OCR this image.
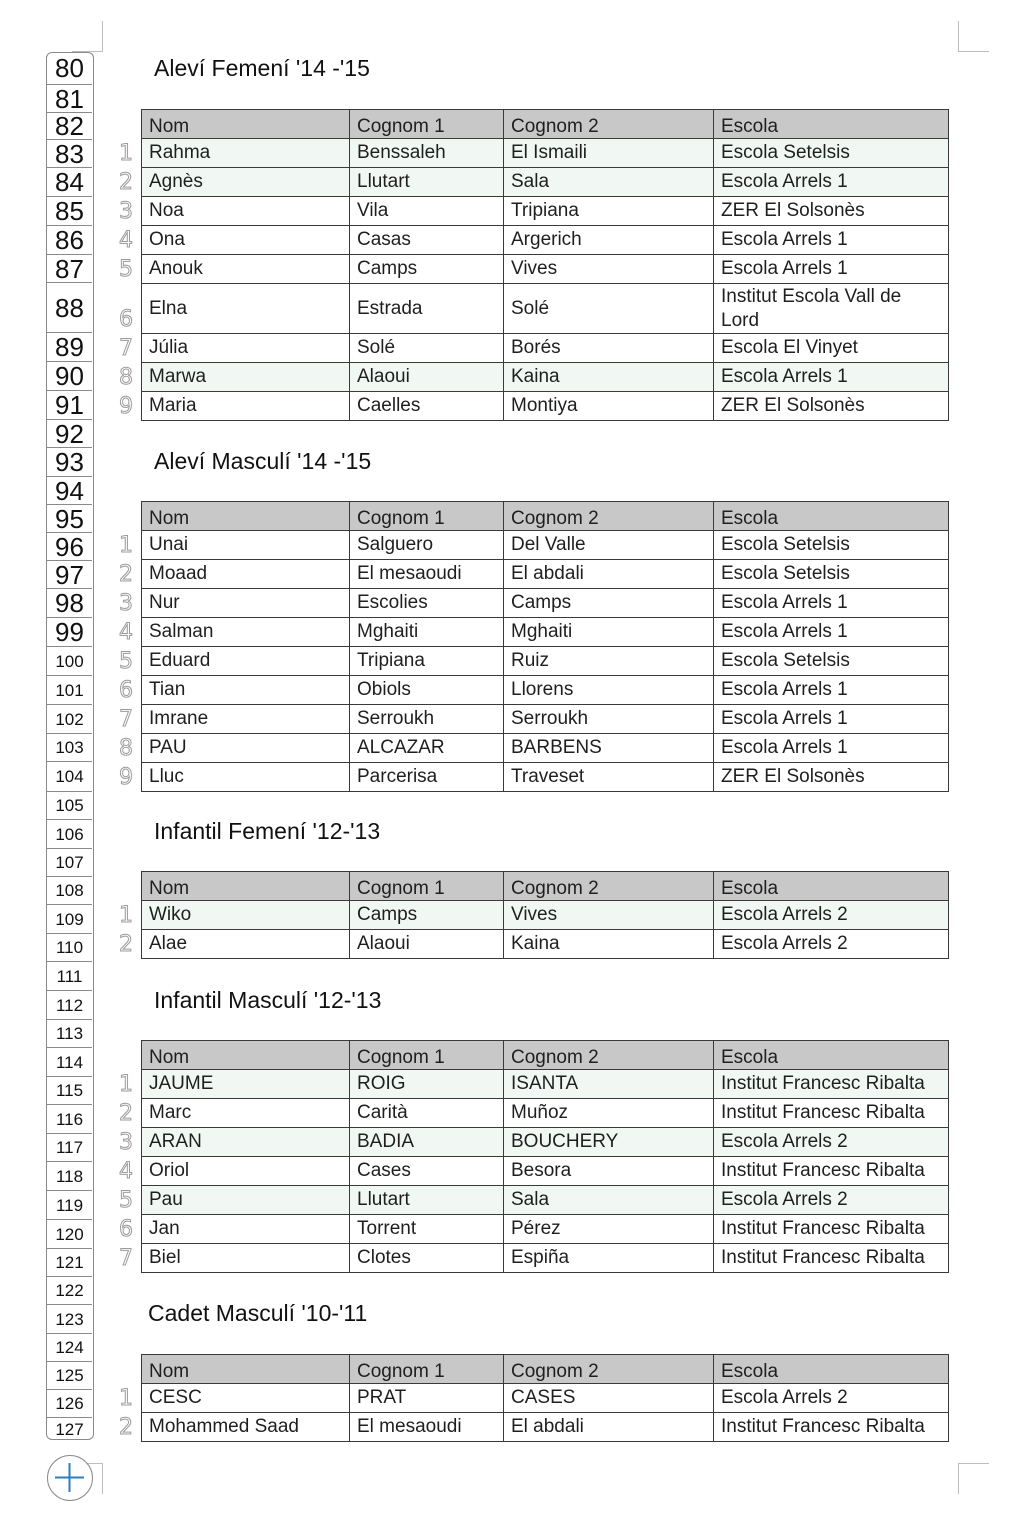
80
81
82
83
84
85
86
87
88
89
90
91
92
93
94
95
96
97
98
99
100
101
102
103
104
105
106
107
108
109
110
111
112
113
114
115
116
117
118
119
120
121
122
123
124
125
126
127
Aleví Femení '14 -'15
1
2
3
4
5
6
7
8
9
Nom	Cognom 1	Cognom 2	Escola
Rahma	Benssaleh	El Ismaili	Escola Setelsis
Agnès	Llutart	Sala	Escola Arrels 1
Noa	Vila	Tripiana	ZER El Solsonès
Ona	Casas	Argerich	Escola Arrels 1
Anouk	Camps	Vives	Escola Arrels 1
Elna	Estrada	Solé	Institut Escola Vall de Lord
Júlia	Solé	Borés	Escola El Vinyet
Marwa	Alaoui	Kaina	Escola Arrels 1
Maria	Caelles	Montiya	ZER El Solsonès
Aleví Masculí '14 -'15
1
2
3
4
5
6
7
8
9
Nom	Cognom 1	Cognom 2	Escola
Unai	Salguero	Del Valle	Escola Setelsis
Moaad	El mesaoudi	El abdali	Escola Setelsis
Nur	Escolies	Camps	Escola Arrels 1
Salman	Mghaiti	Mghaiti	Escola Arrels 1
Eduard	Tripiana	Ruiz	Escola Setelsis
Tian	Obiols	Llorens	Escola Arrels 1
Imrane	Serroukh	Serroukh	Escola Arrels 1
PAU	ALCAZAR	BARBENS	Escola Arrels 1
Lluc	Parcerisa	Traveset	ZER El Solsonès
Infantil Femení '12-'13
1
2
Nom	Cognom 1	Cognom 2	Escola
Wiko	Camps	Vives	Escola Arrels 2
Alae	Alaoui	Kaina	Escola Arrels 2
Infantil Masculí '12-'13
1
2
3
4
5
6
7
Nom	Cognom 1	Cognom 2	Escola
JAUME	ROIG	ISANTA	Institut Francesc Ribalta
Marc	Carità	Muñoz	Institut Francesc Ribalta
ARAN	BADIA	BOUCHERY	Escola Arrels 2
Oriol	Cases	Besora	Institut Francesc Ribalta
Pau	Llutart	Sala	Escola Arrels 2
Jan	Torrent	Pérez	Institut Francesc Ribalta
Biel	Clotes	Espiña	Institut Francesc Ribalta
Cadet Masculí '10-'11
1
2
Nom	Cognom 1	Cognom 2	Escola
CESC	PRAT	CASES	Escola Arrels 2
Mohammed Saad	El mesaoudi	El abdali	Institut Francesc Ribalta
